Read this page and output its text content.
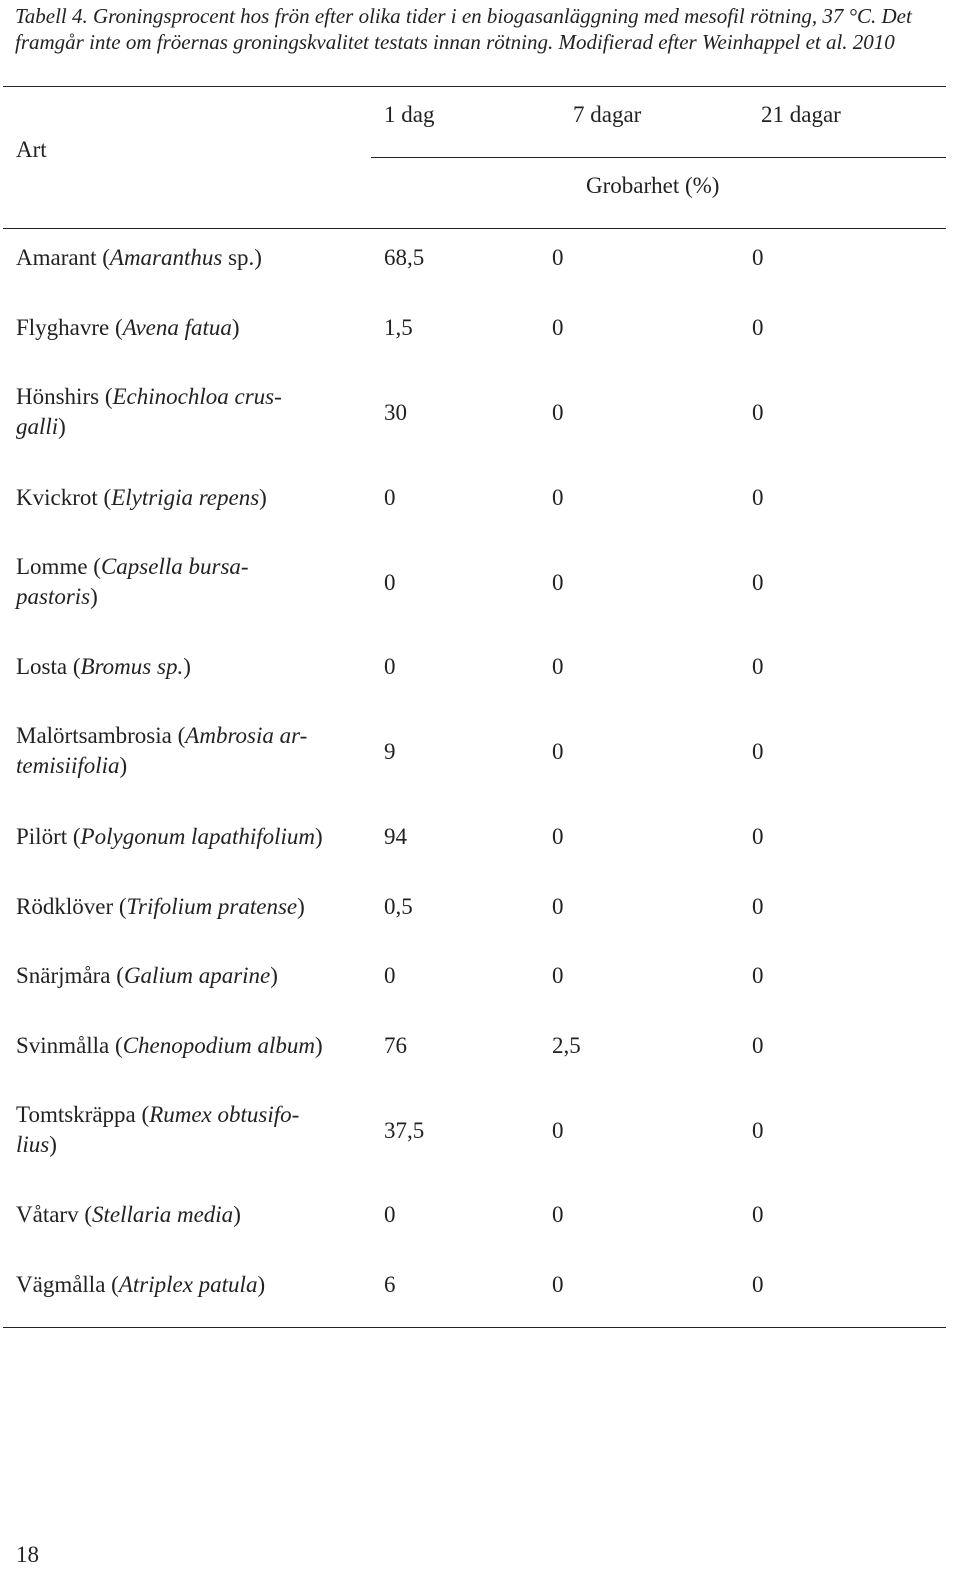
Tabell 4. Groningsprocent hos frön efter olika tider i en biogasanläggning med mesofil rötning, 37 °C. Det framgår inte om fröernas groningskvalitet testats innan rötning. Modifierad efter Weinhappel et al. 2010
Art
1 dag	7 dagar	21 dagar
Grobarhet (%)
Amarant (Amaranthus sp.)	68,5	0	0
Flyghavre (Avena fatua)	1,5	0	0
Hönshirs (Echinochloa crus-
galli)
30	0	0
Kvickrot (Elytrigia repens)	0	0	0
Lomme (Capsella bursa-
pastoris)
0	0	0
Losta (Bromus sp.)	0	0	0
Malörtsambrosia (Ambrosia ar-
temisiifolia)
9	0	0
Pilört (Polygonum lapathifolium)	94	0	0
Rödklöver (Trifolium pratense)	0,5	0	0
Snärjmåra (Galium aparine)	0	0	0
Svinmålla (Chenopodium album)	76	2,5	0
Tomtskräppa (Rumex obtusifo-
lius)
37,5	0	0
Våtarv (Stellaria media)	0	0	0
Vägmålla (Atriplex patula)	6	0	0
18
